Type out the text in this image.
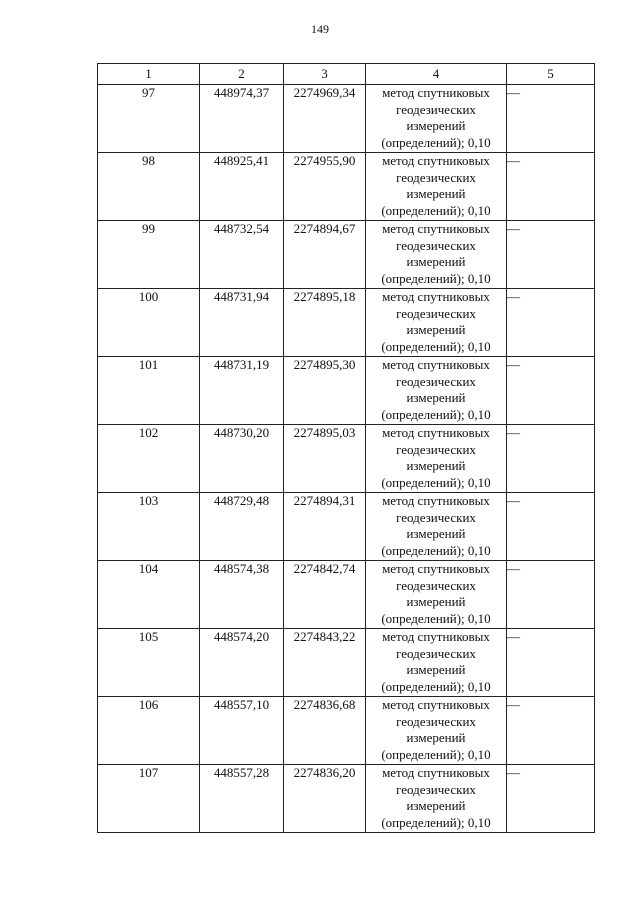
149
1	2	3	4	5
97	448974,37	2274969,34	метод спутниковых
геодезических
измерений
(определений); 0,10	—
98	448925,41	2274955,90	метод спутниковых
геодезических
измерений
(определений); 0,10	—
99	448732,54	2274894,67	метод спутниковых
геодезических
измерений
(определений); 0,10	—
100	448731,94	2274895,18	метод спутниковых
геодезических
измерений
(определений); 0,10	—
101	448731,19	2274895,30	метод спутниковых
геодезических
измерений
(определений); 0,10	—
102	448730,20	2274895,03	метод спутниковых
геодезических
измерений
(определений); 0,10	—
103	448729,48	2274894,31	метод спутниковых
геодезических
измерений
(определений); 0,10	—
104	448574,38	2274842,74	метод спутниковых
геодезических
измерений
(определений); 0,10	—
105	448574,20	2274843,22	метод спутниковых
геодезических
измерений
(определений); 0,10	—
106	448557,10	2274836,68	метод спутниковых
геодезических
измерений
(определений); 0,10	—
107	448557,28	2274836,20	метод спутниковых
геодезических
измерений
(определений); 0,10	—
